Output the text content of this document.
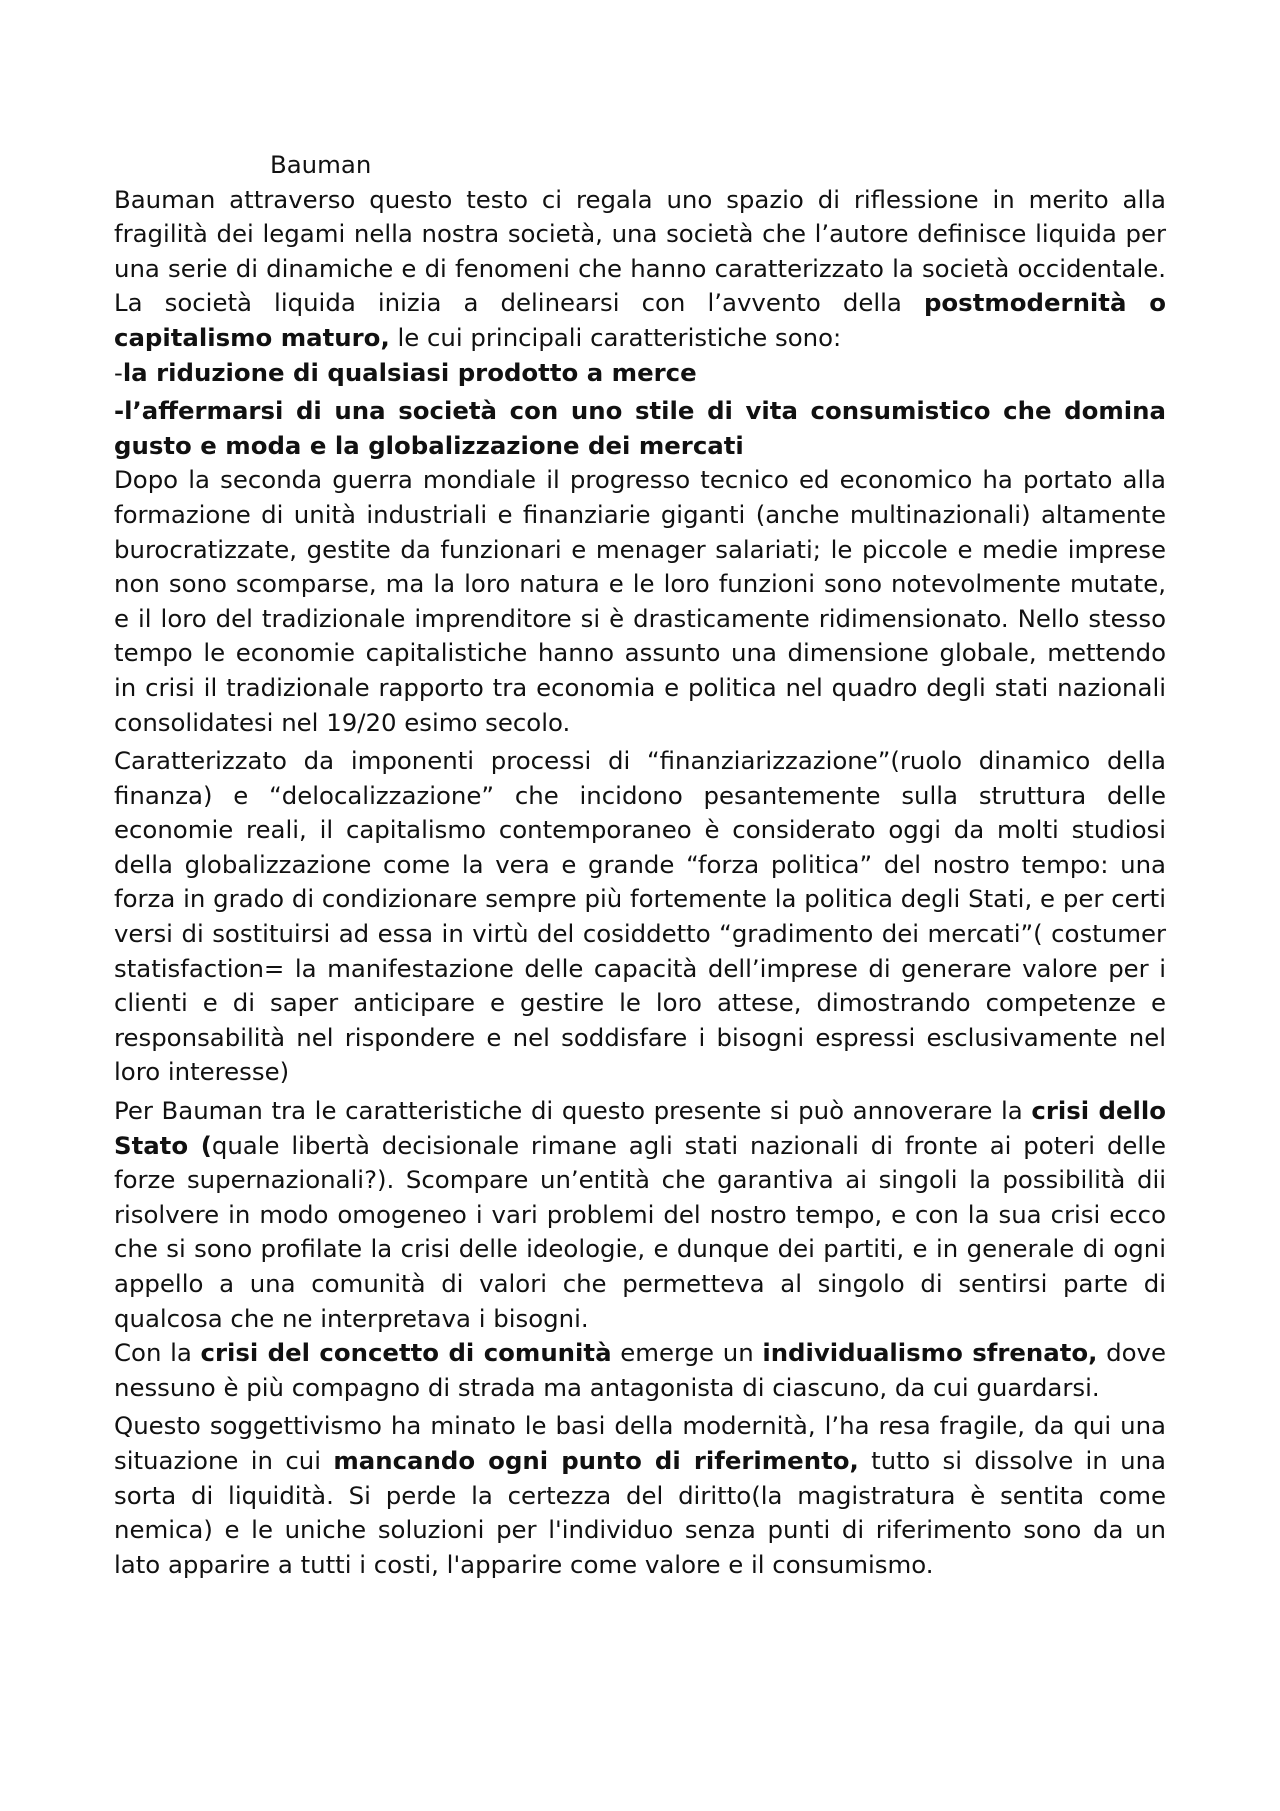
Bauman

Bauman attraverso questo testo ci regala uno spazio di riflessione in merito alla fragilità dei legami nella nostra società, una società che l’autore definisce liquida per una serie di dinamiche e di fenomeni che hanno caratterizzato la società occidentale.

La società liquida inizia a delinearsi con l’avvento della postmodernità o capitalismo maturo, le cui principali caratteristiche sono:

-la riduzione di qualsiasi prodotto a merce

-l’affermarsi di una società con uno stile di vita consumistico che domina gusto e moda e la globalizzazione dei mercati

Dopo la seconda guerra mondiale il progresso tecnico ed economico ha portato alla formazione di unità industriali e finanziarie giganti (anche multinazionali) altamente burocratizzate, gestite da funzionari e menager salariati; le piccole e medie imprese non sono scomparse, ma la loro natura e le loro funzioni sono notevolmente mutate, e il loro del tradizionale imprenditore si è drasticamente ridimensionato. Nello stesso tempo le economie capitalistiche hanno assunto una dimensione globale, mettendo in crisi il tradizionale rapporto tra economia e politica nel quadro degli stati nazionali consolidatesi nel 19/20 esimo secolo.

Caratterizzato da imponenti processi di “finanziarizzazione”(ruolo dinamico della finanza) e “delocalizzazione” che incidono pesantemente sulla struttura delle economie reali, il capitalismo contemporaneo è considerato oggi da molti studiosi della globalizzazione come la vera e grande “forza politica” del nostro tempo: una forza in grado di condizionare sempre più fortemente la politica degli Stati, e per certi versi di sostituirsi ad essa in virtù del cosiddetto “gradimento dei mercati”( costumer statisfaction= la manifestazione delle capacità dell’imprese di generare valore per i clienti e di saper anticipare e gestire le loro attese, dimostrando competenze e responsabilità nel rispondere e nel soddisfare i bisogni espressi esclusivamente nel loro interesse)

Per Bauman tra le caratteristiche di questo presente si può annoverare la crisi dello Stato (quale libertà decisionale rimane agli stati nazionali di fronte ai poteri delle forze supernazionali?). Scompare un’entità che garantiva ai singoli la possibilità dii risolvere in modo omogeneo i vari problemi del nostro tempo, e con la sua crisi ecco che si sono profilate la crisi delle ideologie, e dunque dei partiti, e in generale di ogni appello a una comunità di valori che permetteva al singolo di sentirsi parte di qualcosa che ne interpretava i bisogni.

Con la crisi del concetto di comunità emerge un individualismo sfrenato, dove nessuno è più compagno di strada ma antagonista di ciascuno, da cui guardarsi.

Questo soggettivismo ha minato le basi della modernità, l’ha resa fragile, da qui una situazione in cui mancando ogni punto di riferimento, tutto si dissolve in una sorta di liquidità. Si perde la certezza del diritto(la magistratura è sentita come nemica) e le uniche soluzioni per l'individuo senza punti di riferimento sono da un lato apparire a tutti i costi, l'apparire come valore e il consumismo.
